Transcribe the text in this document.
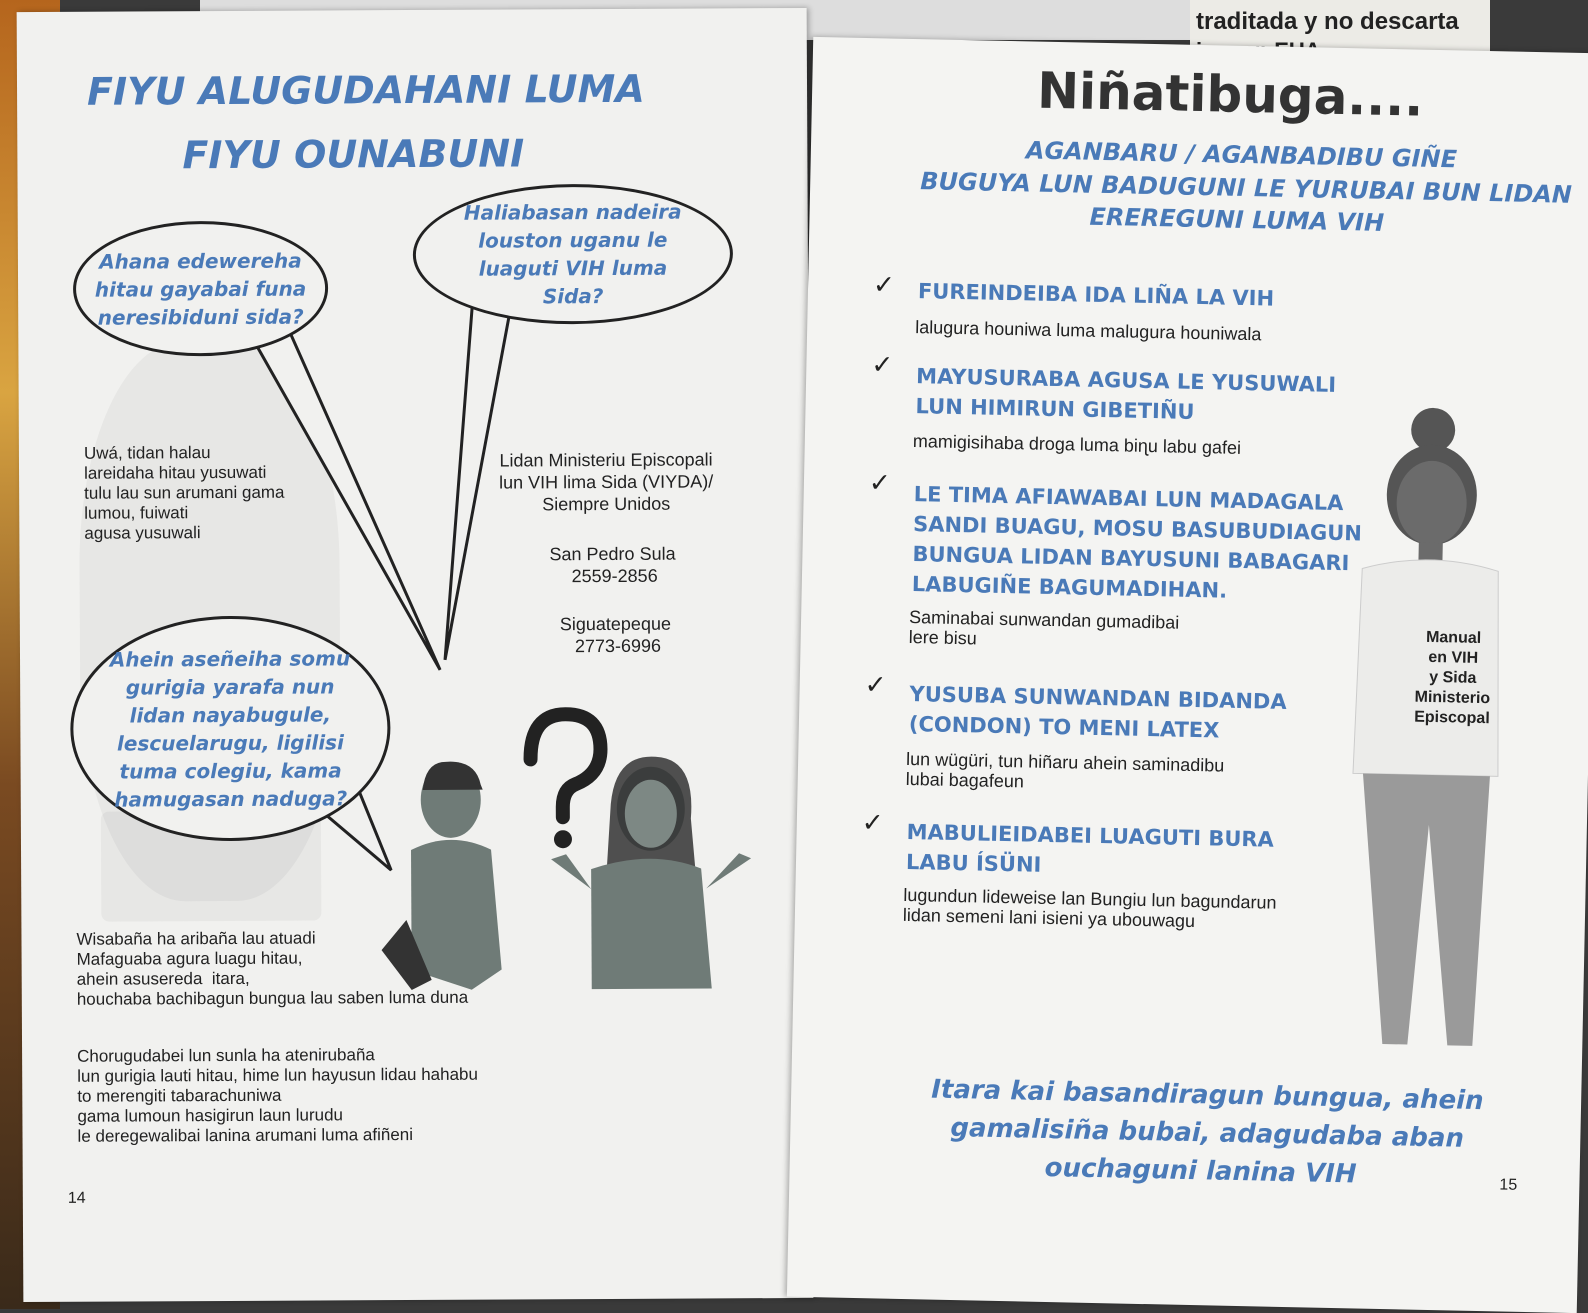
traditada y no descarta
FIYU ALUGUDAHANI LUMA
FIYU OUNABUNI
Ahana edewereha hitau gayabai funa neresibiduni sida?
Haliabasan nadeira louston uganu le luaguti VIH luma Sida?
Ahein aseñeiha somu gurigia yarafa nun lidan nayabugule, lescuelarugu, ligilisi tuma colegiu, kama hamugasan naduga?
Uwá, tidan halau
lareidaha hitau yusuwati
tulu lau sun arumani gama
lumou, fuiwati
agusa yusuwali
Lidan Ministeriu Episcopali
lun VIH lima Sida (VIYDA)/
Siempre Unidos
San Pedro Sula
2559-2856
Siguatepeque
2773-6996
Wisabaña ha aribaña lau atuadi
Mafaguaba agura luagu hitau,
ahein asusereda  itara,
houchaba bachibagun bungua lau saben luma duna
Chorugudabei lun sunla ha atenirubaña
lun gurigia lauti hitau, hime lun hayusun lidau hahabu
to merengiti tabarachuniwa
gama lumoun hasigirun laun lurudu
le deregewalibai lanina arumani luma afiñeni
14
Niñatibuga....
AGANBARU / AGANBADIBU GIÑE
BUGUYA LUN BADUGUNI LE YURUBAI BUN LIDAN
EREREGUNI LUMA VIH
✓ FUREINDEIBA IDA LIÑA LA VIH
lalugura houniwa luma malugura houniwala
✓ MAYUSURABA AGUSA LE YUSUWALI
LUN HIMIRUN GIBETIÑU
mamigisihaba droga luma biɳu labu gafei
✓ LE TIMA AFIAWABAI LUN MADAGALA
SANDI BUAGU, MOSU BASUBUDIAGUN
BUNGUA LIDAN BAYUSUNI BABAGARI
LABUGIÑE BAGUMADIHAN.
Saminabai sunwandan gumadibai
lere bisu
✓ YUSUBA SUNWANDAN BIDANDA
(CONDON) TO MENI LATEX
lun wügüri, tun hiñaru ahein saminadibu
lubai bagafeun
✓ MABULIEIDABEI LUAGUTI BURA
LABU ÍSÜNI
lugundun lideweise lan Bungiu lun bagundarun
lidan semeni lani isieni ya ubouwagu
Manual
en VIH
y Sida
Ministerio
Episcopal
Itara kai basandiragun bungua, ahein
gamalisiña bubai, adagudaba aban
ouchaguni lanina VIH	15
